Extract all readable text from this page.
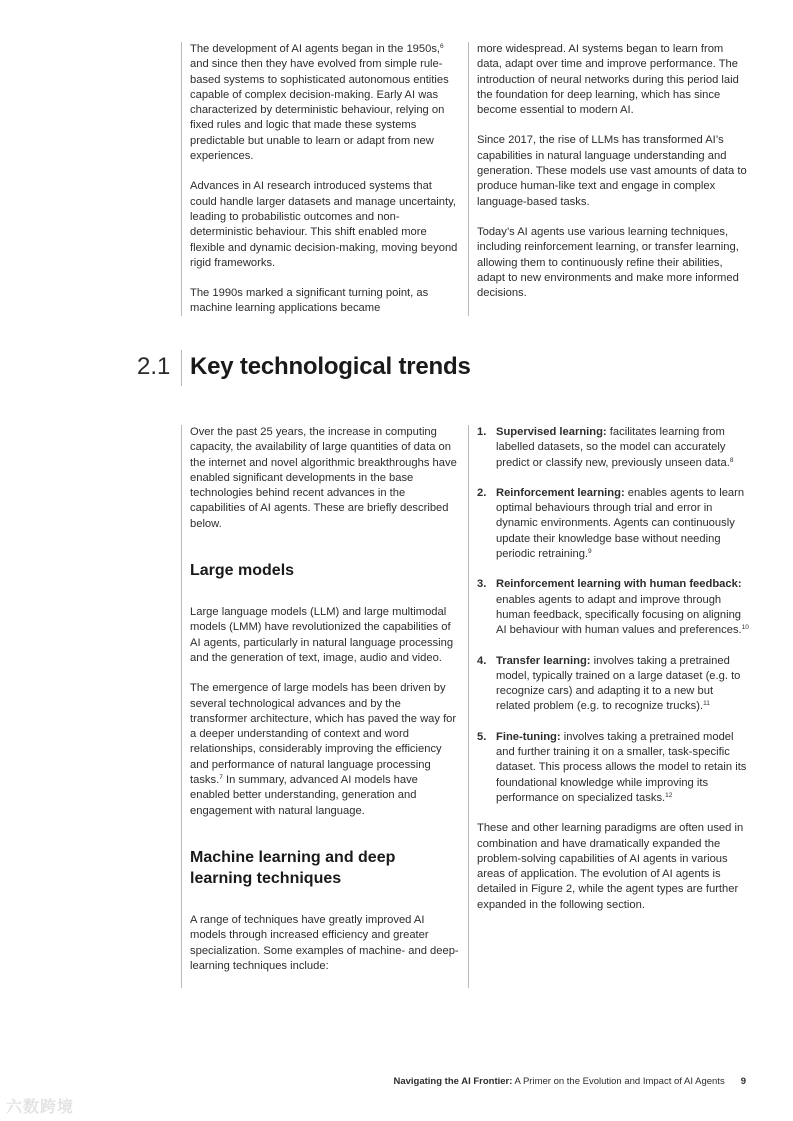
The development of AI agents began in the 1950s,$^6$ and since then they have evolved from simple rule-based systems to sophisticated autonomous entities capable of complex decision-making. Early AI was characterized by deterministic behaviour, relying on fixed rules and logic that made these systems predictable but unable to learn or adapt from new experiences.

Advances in AI research introduced systems that could handle larger datasets and manage uncertainty, leading to probabilistic outcomes and non-deterministic behaviour. This shift enabled more flexible and dynamic decision-making, moving beyond rigid frameworks.

The 1990s marked a significant turning point, as machine learning applications became

more widespread. AI systems began to learn from data, adapt over time and improve performance. The introduction of neural networks during this period laid the foundation for deep learning, which has since become essential to modern AI.

Since 2017, the rise of LLMs has transformed AI’s capabilities in natural language understanding and generation. These models use vast amounts of data to produce human-like text and engage in complex language-based tasks.

Today’s AI agents use various learning techniques, including reinforcement learning, or transfer learning, allowing them to continuously refine their abilities, adapt to new environments and make more informed decisions.

2.1 Key technological trends

Over the past 25 years, the increase in computing capacity, the availability of large quantities of data on the internet and novel algorithmic breakthroughs have enabled significant developments in the base technologies behind recent advances in the capabilities of AI agents. These are briefly described below.

Large models

Large language models (LLM) and large multimodal models (LMM) have revolutionized the capabilities of AI agents, particularly in natural language processing and the generation of text, image, audio and video.

The emergence of large models has been driven by several technological advances and by the transformer architecture, which has paved the way for a deeper understanding of context and word relationships, considerably improving the efficiency and performance of natural language processing tasks.$^7$ In summary, advanced AI models have enabled better understanding, generation and engagement with natural language.

Machine learning and deep learning techniques

A range of techniques have greatly improved AI models through increased efficiency and greater specialization. Some examples of machine- and deep-learning techniques include:

1. Supervised learning: facilitates learning from labelled datasets, so the model can accurately predict or classify new, previously unseen data.$^8$
2. Reinforcement learning: enables agents to learn optimal behaviours through trial and error in dynamic environments. Agents can continuously update their knowledge base without needing periodic retraining.$^9$
3. Reinforcement learning with human feedback: enables agents to adapt and improve through human feedback, specifically focusing on aligning AI behaviour with human values and preferences.$^{10}$
4. Transfer learning: involves taking a pretrained model, typically trained on a large dataset (e.g. to recognize cars) and adapting it to a new but related problem (e.g. to recognize trucks).$^{11}$
5. Fine-tuning: involves taking a pretrained model and further training it on a smaller, task-specific dataset. This process allows the model to retain its foundational knowledge while improving its performance on specialized tasks.$^{12}$

These and other learning paradigms are often used in combination and have dramatically expanded the problem-solving capabilities of AI agents in various areas of application. The evolution of AI agents is detailed in Figure 2, while the agent types are further expanded in the following section.

Navigating the AI Frontier: A Primer on the Evolution and Impact of AI Agents 9
六数跨境
